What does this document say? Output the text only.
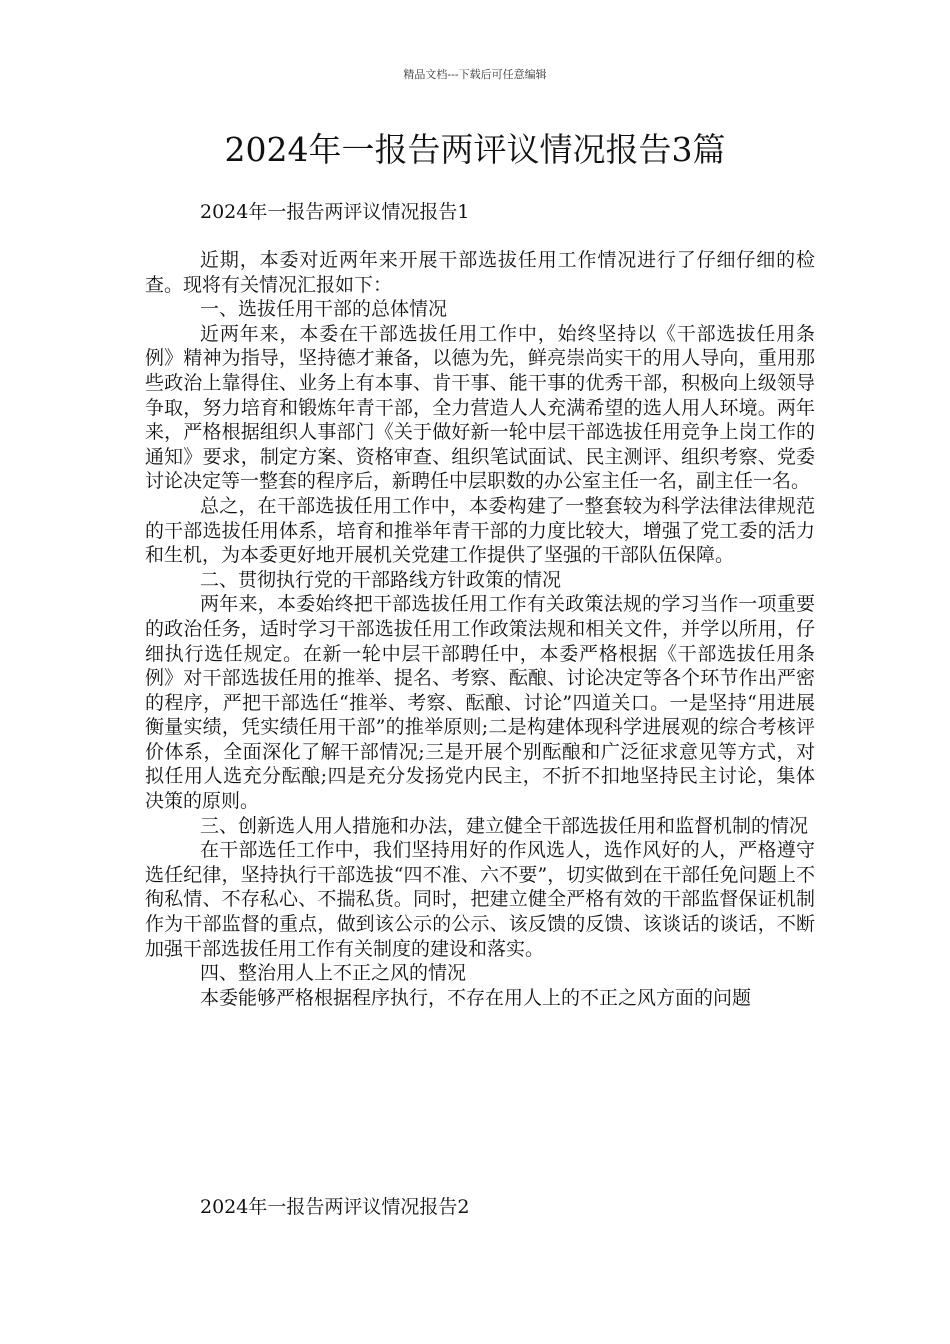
精品文档---下载后可任意编辑
2024年一报告两评议情况报告3篇

2024年一报告两评议情况报告1

近期，本委对近两年来开展干部选拔任用工作情况进行了仔细仔细的检查。现将有关情况汇报如下：

一、选拔任用干部的总体情况

近两年来，本委在干部选拔任用工作中，始终坚持以《干部选拔任用条例》精神为指导，坚持德才兼备，以德为先，鲜亮崇尚实干的用人导向，重用那些政治上靠得住、业务上有本事、肯干事、能干事的优秀干部，积极向上级领导争取，努力培育和锻炼年青干部，全力营造人人充满希望的选人用人环境。两年来，严格根据组织人事部门《关于做好新一轮中层干部选拔任用竞争上岗工作的通知》要求，制定方案、资格审查、组织笔试面试、民主测评、组织考察、党委讨论决定等一整套的程序后，新聘任中层职数的办公室主任一名，副主任一名。

总之，在干部选拔任用工作中，本委构建了一整套较为科学法律法律规范的干部选拔任用体系，培育和推举年青干部的力度比较大，增强了党工委的活力和生机，为本委更好地开展机关党建工作提供了坚强的干部队伍保障。

二、贯彻执行党的干部路线方针政策的情况

两年来，本委始终把干部选拔任用工作有关政策法规的学习当作一项重要的政治任务，适时学习干部选拔任用工作政策法规和相关文件，并学以所用，仔细执行选任规定。在新一轮中层干部聘任中，本委严格根据《干部选拔任用条例》对干部选拔任用的推举、提名、考察、酝酿、讨论决定等各个环节作出严密的程序，严把干部选任“推举、考察、酝酿、讨论”四道关口。一是坚持“用进展衡量实绩，凭实绩任用干部”的推举原则;二是构建体现科学进展观的综合考核评价体系，全面深化了解干部情况;三是开展个别酝酿和广泛征求意见等方式，对拟任用人选充分酝酿;四是充分发扬党内民主，不折不扣地坚持民主讨论，集体决策的原则。

三、创新选人用人措施和办法，建立健全干部选拔任用和监督机制的情况

在干部选任工作中，我们坚持用好的作风选人，选作风好的人，严格遵守选任纪律，坚持执行干部选拔“四不准、六不要”，切实做到在干部任免问题上不徇私情、不存私心、不揣私货。同时，把建立健全严格有效的干部监督保证机制作为干部监督的重点，做到该公示的公示、该反馈的反馈、该谈话的谈话，不断加强干部选拔任用工作有关制度的建设和落实。

四、整治用人上不正之风的情况

本委能够严格根据程序执行，不存在用人上的不正之风方面的问题

2024年一报告两评议情况报告2
